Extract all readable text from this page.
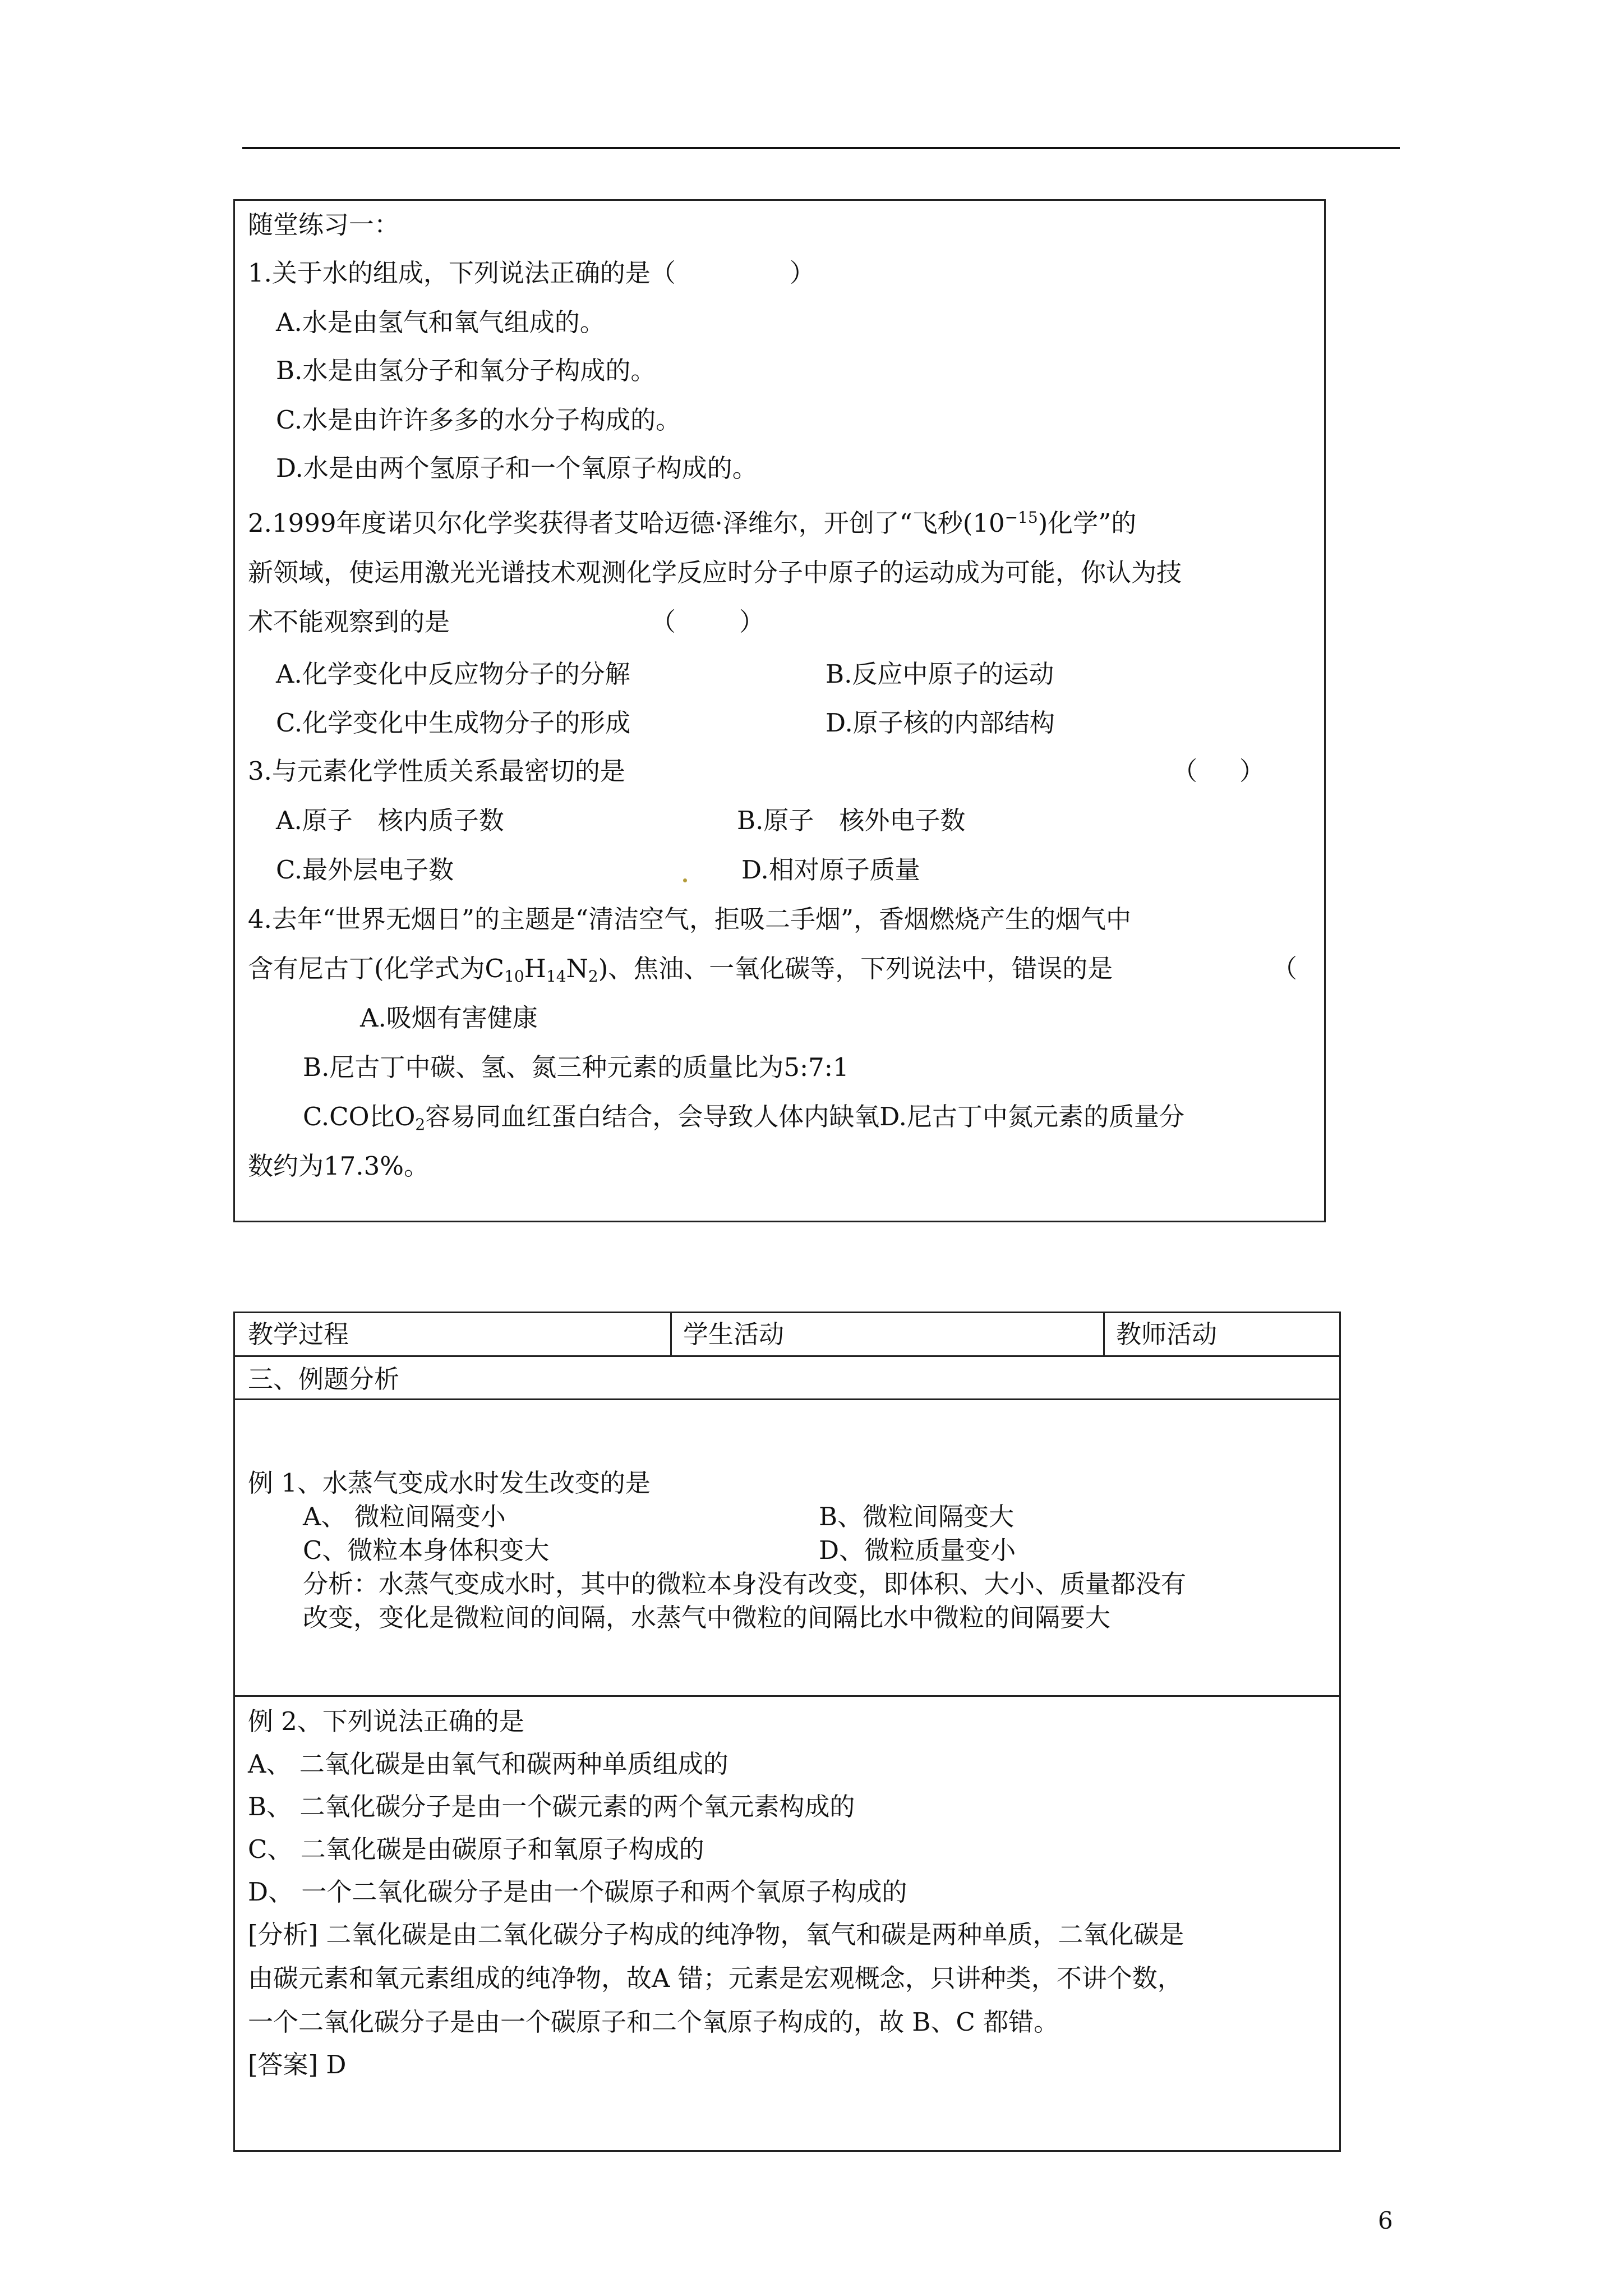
随堂练习一：
1.关于水的组成，下列说法正确的是（	）
A.水是由氢气和氧气组成的。
B.水是由氢分子和氧分子构成的。
C.水是由许许多多的水分子构成的。
D.水是由两个氢原子和一个氧原子构成的。
2.1999年度诺贝尔化学奖获得者艾哈迈德·泽维尔，开创了“飞秒$(10^{-15})$化学”的
新领域，使运用激光光谱技术观测化学反应时分子中原子的运动成为可能，你认为技
术不能观察到的是	（	）
A.化学变化中反应物分子的分解	B.反应中原子的运动
C.化学变化中生成物分子的形成	D.原子核的内部结构
3.与元素化学性质关系最密切的是	（ ）
A.原子　核内质子数	B.原子　核外电子数
C.最外层电子数	D.相对原子质量
4.去年“世界无烟日”的主题是“清洁空气，拒吸二手烟”，香烟燃烧产生的烟气中
含有尼古丁(化学式为$C_{10}H_{14}N_2$)、焦油、一氧化碳等，下列说法中，错误的是	（
A.吸烟有害健康
B.尼古丁中碳、氢、氮三种元素的质量比为5:7:1
C.CO比$O_2$容易同血红蛋白结合，会导致人体内缺氧D.尼古丁中氮元素的质量分
数约为17.3%。
教学过程	学生活动	教师活动
三、例题分析
例 1、水蒸气变成水时发生改变的是
A、 微粒间隔变小	B、微粒间隔变大
C、微粒本身体积变大	D、微粒质量变小
分析：水蒸气变成水时，其中的微粒本身没有改变，即体积、大小、质量都没有
改变，变化是微粒间的间隔，水蒸气中微粒的间隔比水中微粒的间隔要大
例 2、下列说法正确的是
A、 二氧化碳是由氧气和碳两种单质组成的
B、 二氧化碳分子是由一个碳元素的两个氧元素构成的
C、 二氧化碳是由碳原子和氧原子构成的
D、 一个二氧化碳分子是由一个碳原子和两个氧原子构成的
[分析] 二氧化碳是由二氧化碳分子构成的纯净物，氧气和碳是两种单质，二氧化碳是
由碳元素和氧元素组成的纯净物，故A 错；元素是宏观概念，只讲种类，不讲个数，
一个二氧化碳分子是由一个碳原子和二个氧原子构成的，故 B、C 都错。
[答案] D
6
